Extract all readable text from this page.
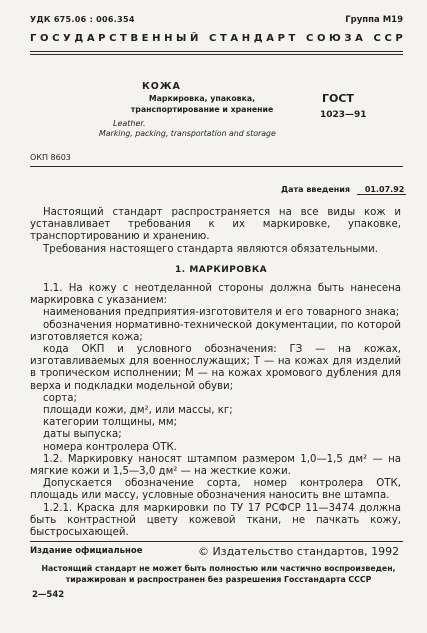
УДК 675.06 : 006.354	Группа М19
ГОСУДАРСТВЕННЫЙ СТАНДАРТ СОЮЗА ССР
КОЖА
Маркировка, упаковка, транспортирование и хранение
Leather.
Marking, packing, transportation and storage
ГОСТ
1023—91
ОКП 8603
Дата введения 01.07.92

Настоящий стандарт распространяется на все виды кож и устанавливает требования к их маркировке, упаковке, транспортированию и хранению.

Требования настоящего стандарта являются обязательными.

1. МАРКИРОВКА

1.1. На кожу с неотделанной стороны должна быть нанесена маркировка с указанием:

наименования предприятия-изготовителя и его товарного знака;

обозначения нормативно-технической документации, по которой изготовляется кожа;

кода ОКП и условного обозначения: ГЗ — на кожах, изготавливаемых для военнослужащих; Т — на кожах для изделий в тропическом исполнении; М — на кожах хромового дубления для верха и подкладки модельной обуви;

сорта;

площади кожи, дм², или массы, кг;

категории толщины, мм;

даты выпуска;

номера контролера ОТК.

1.2. Маркировку наносят штампом размером 1,0—1,5 дм² — на мягкие кожи и 1,5—3,0 дм² — на жесткие кожи.

Допускается обозначение сорта, номер контролера ОТК, площадь или массу, условные обозначения наносить вне штампа.

1.2.1. Краска для маркировки по ТУ 17 РСФСР 11—3474 должна быть контрастной цвету кожевой ткани, не пачкать кожу, быстросыхающей.

Издание официальное	© Издательство стандартов, 1992
Настоящий стандарт не может быть полностью или частично воспроизведен, тиражирован и распространен без разрешения Госстандарта СССР
2—542
